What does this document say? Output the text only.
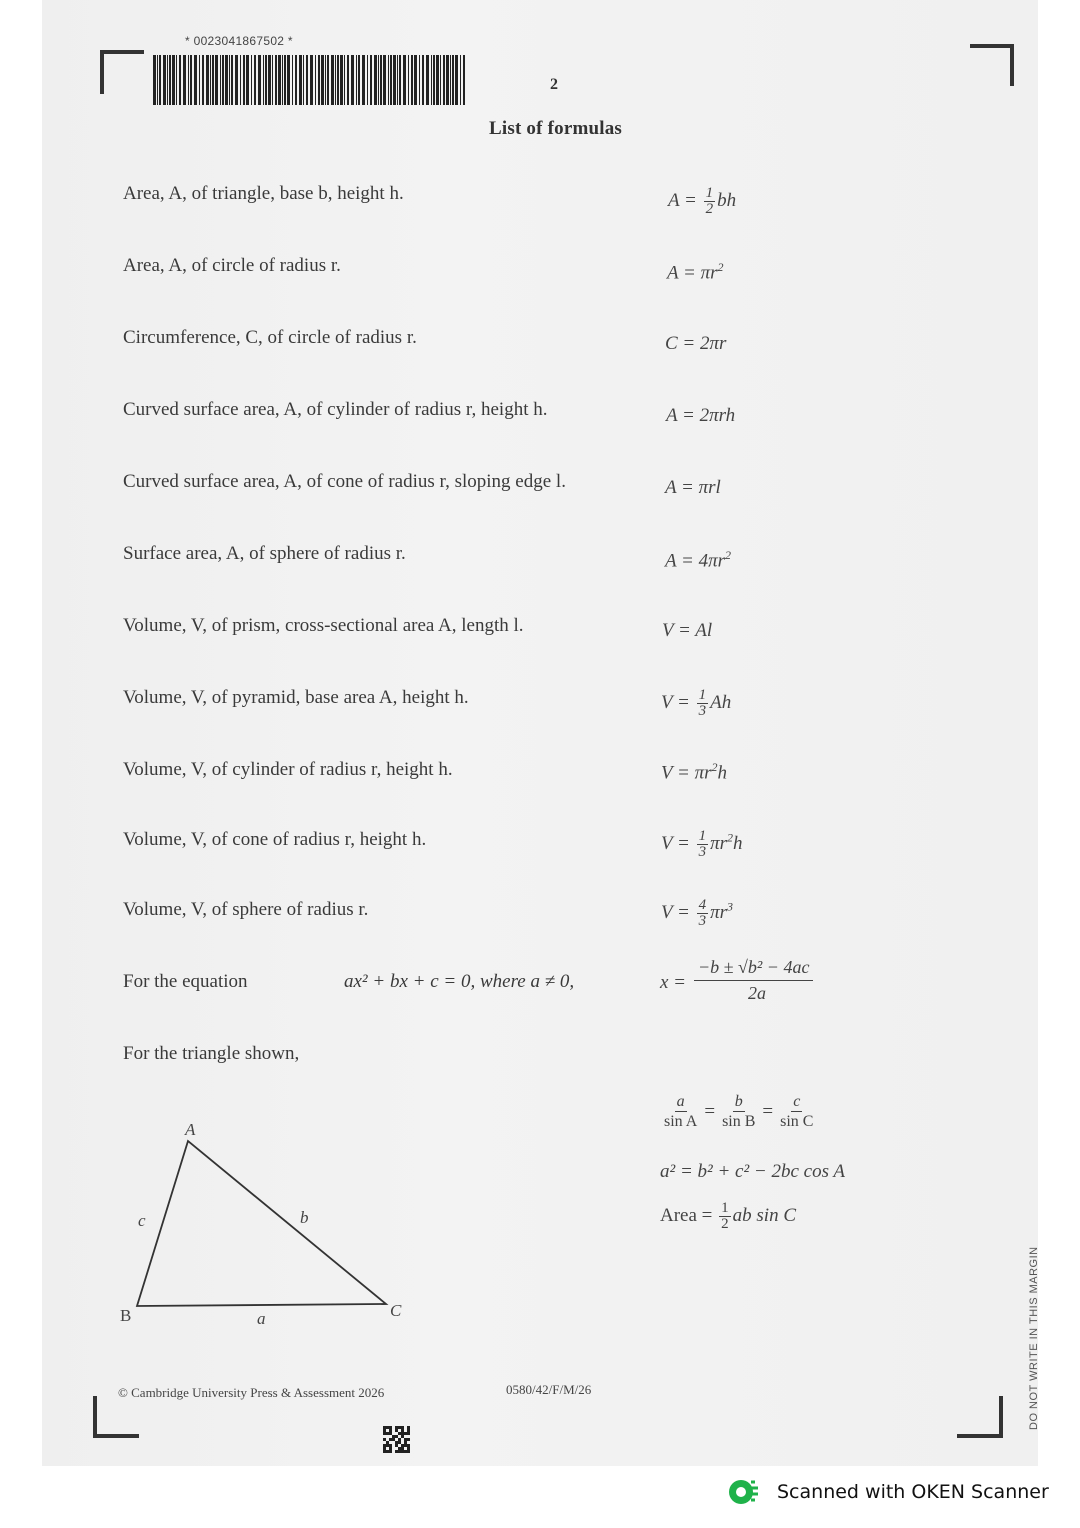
* 0023041867502 *
2
List of formulas
Area, A, of triangle, base b, height h.	$A = \frac{1}{2}$ bh
Area, A, of circle of radius r.	$A = \pi r^2$
Circumference, C, of circle of radius r.	C = 2πr
Curved surface area, A, of cylinder of radius r, height h.	A = 2πrh
Curved surface area, A, of cone of radius r, sloping edge l.	A = πrl
Surface area, A, of sphere of radius r.	$A = 4\pi r^2$
Volume, V, of prism, cross-sectional area A, length l.	V = Al
Volume, V, of pyramid, base area A, height h.	$V = \frac{1}{3}$ Ah
Volume, V, of cylinder of radius r, height h.	$V = \pi r^2h$
Volume, V, of cone of radius r, height h.	$V = \frac{1}{3} \pi r^2h$
Volume, V, of sphere of radius r.	$V = \frac{4}{3} \pi r^3$
For the equation	ax² + bx + c = 0, where a ≠ 0,	x =
−b ± √b² − 4ac
2a
For the triangle shown,
A
B	C
c	b
a
$\frac{a}{\text{sin A}} = \frac{b}{\text{sin B}} = \frac{c}{\text{sin C}}$
a² = b² + c² − 2bc cos A
Area = $\frac{1}{2}$ ab sin C
© Cambridge University Press & Assessment 2026	0580/42/F/M/26	DO NOT WRITE IN THIS MARGIN
Scanned with OKEN Scanner
